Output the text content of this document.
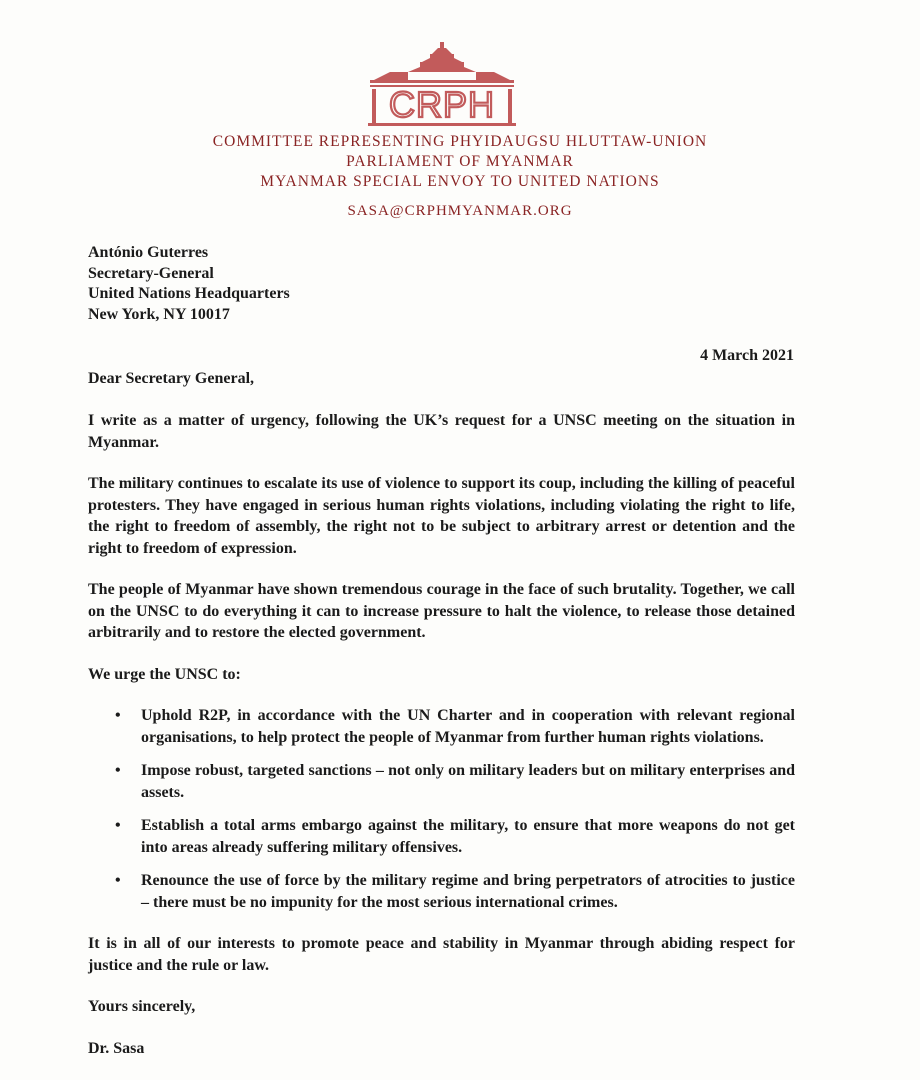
CRPH
COMMITTEE REPRESENTING PHYIDAUGSU HLUTTAW-UNION
PARLIAMENT OF MYANMAR
MYANMAR SPECIAL ENVOY TO UNITED NATIONS
SASA@CRPHMYANMAR.ORG
António Guterres
Secretary-General
United Nations Headquarters
New York, NY 10017
4 March 2021
Dear Secretary General,

I write as a matter of urgency, following the UK’s request for a UNSC meeting on the situation in Myanmar.

The military continues to escalate its use of violence to support its coup, including the killing of peaceful protesters. They have engaged in serious human rights violations, including violating the right to life, the right to freedom of assembly, the right not to be subject to arbitrary arrest or detention and the right to freedom of expression.

The people of Myanmar have shown tremendous courage in the face of such brutality. Together, we call on the UNSC to do everything it can to increase pressure to halt the violence, to release those detained arbitrarily and to restore the elected government.

We urge the UNSC to:

• Uphold R2P, in accordance with the UN Charter and in cooperation with relevant regional organisations, to help protect the people of Myanmar from further human rights violations.
• Impose robust, targeted sanctions – not only on military leaders but on military enterprises and assets.
• Establish a total arms embargo against the military, to ensure that more weapons do not get into areas already suffering military offensives.
• Renounce the use of force by the military regime and bring perpetrators of atrocities to justice – there must be no impunity for the most serious international crimes.

It is in all of our interests to promote peace and stability in Myanmar through abiding respect for justice and the rule or law.

Yours sincerely,
Dr. Sasa
